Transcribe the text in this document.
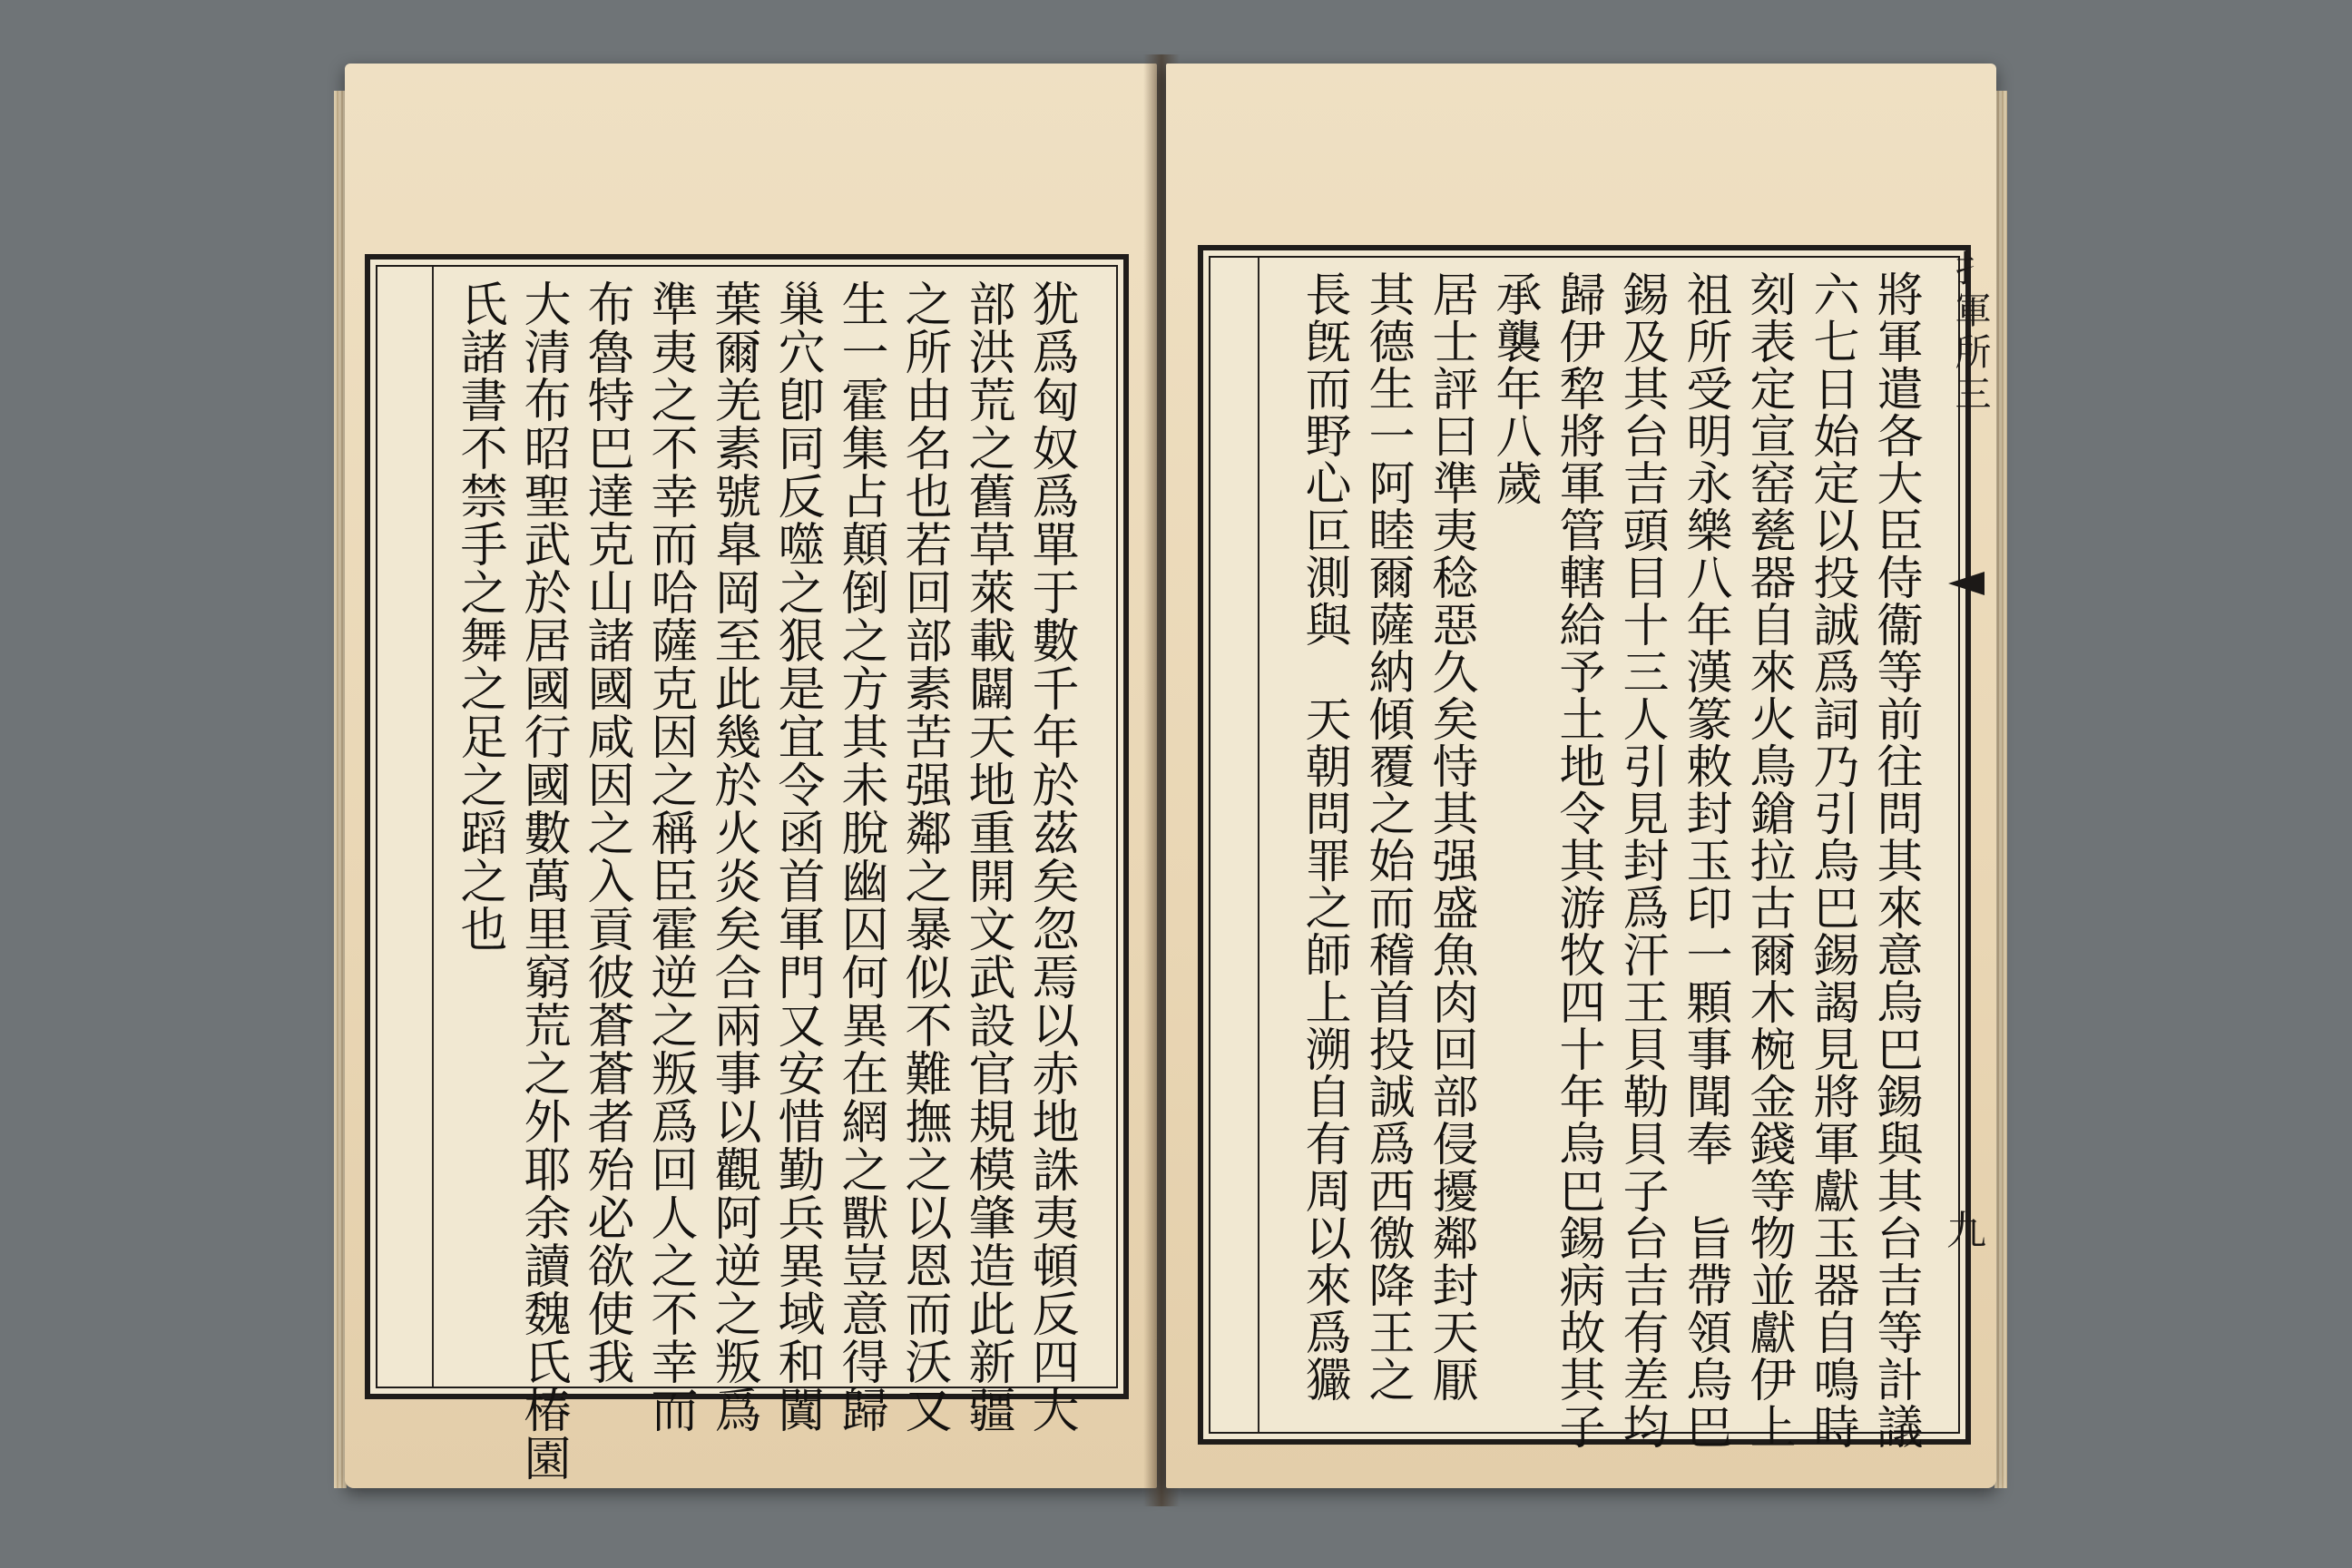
犹爲匈奴爲單于數千年於茲矣忽焉以赤地誅夷頓反四大
部洪荒之舊草萊載闢天地重開文武設官規模肇造此新疆
之所由名也若回部素苦强鄰之暴似不難撫之以恩而沃又
生一霍集占顛倒之方其未脫幽囚何異在網之獸豈意得歸
巢穴卽同反噬之狠是宜令函首軍門又安惜勤兵異域和闐
葉爾羌素號臯岡至此幾於火炎矣合兩事以觀阿逆之叛爲
準夷之不幸而哈薩克因之稱臣霍逆之叛爲回人之不幸而
布魯特巴達克山諸國咸因之入貢彼蒼蒼者殆必欲使我
大清布昭聖武於居國行國數萬里窮荒之外耶余讀魏氏椿園
氏諸書不禁手之舞之足之蹈之也	將軍遣各大臣侍衞等前往問其來意烏巴錫與其台吉等計議
六七日始定以投誠爲詞乃引烏巴錫謁見將軍獻玉器自鳴時
刻表定宣窑甆器自來火鳥鎗拉古爾木椀金錢等物並獻伊上
祖所受明永樂八年漢篆敕封玉印一顆事聞奉　旨帶領烏巴
錫及其台吉頭目十三人引見封爲汗王貝勒貝子台吉有差均
歸伊犂將軍管轄給予土地令其游牧四十年烏巴錫病故其子
承襲年八歲
居士評曰準夷稔惡久矣恃其强盛魚肉回部侵擾鄰封天厭
其德生一阿睦爾薩納傾覆之始而稽首投誠爲西徼降王之
長旣而野心叵測與　天朝問罪之師上溯自有周以來爲玁	扌軍所三
九
